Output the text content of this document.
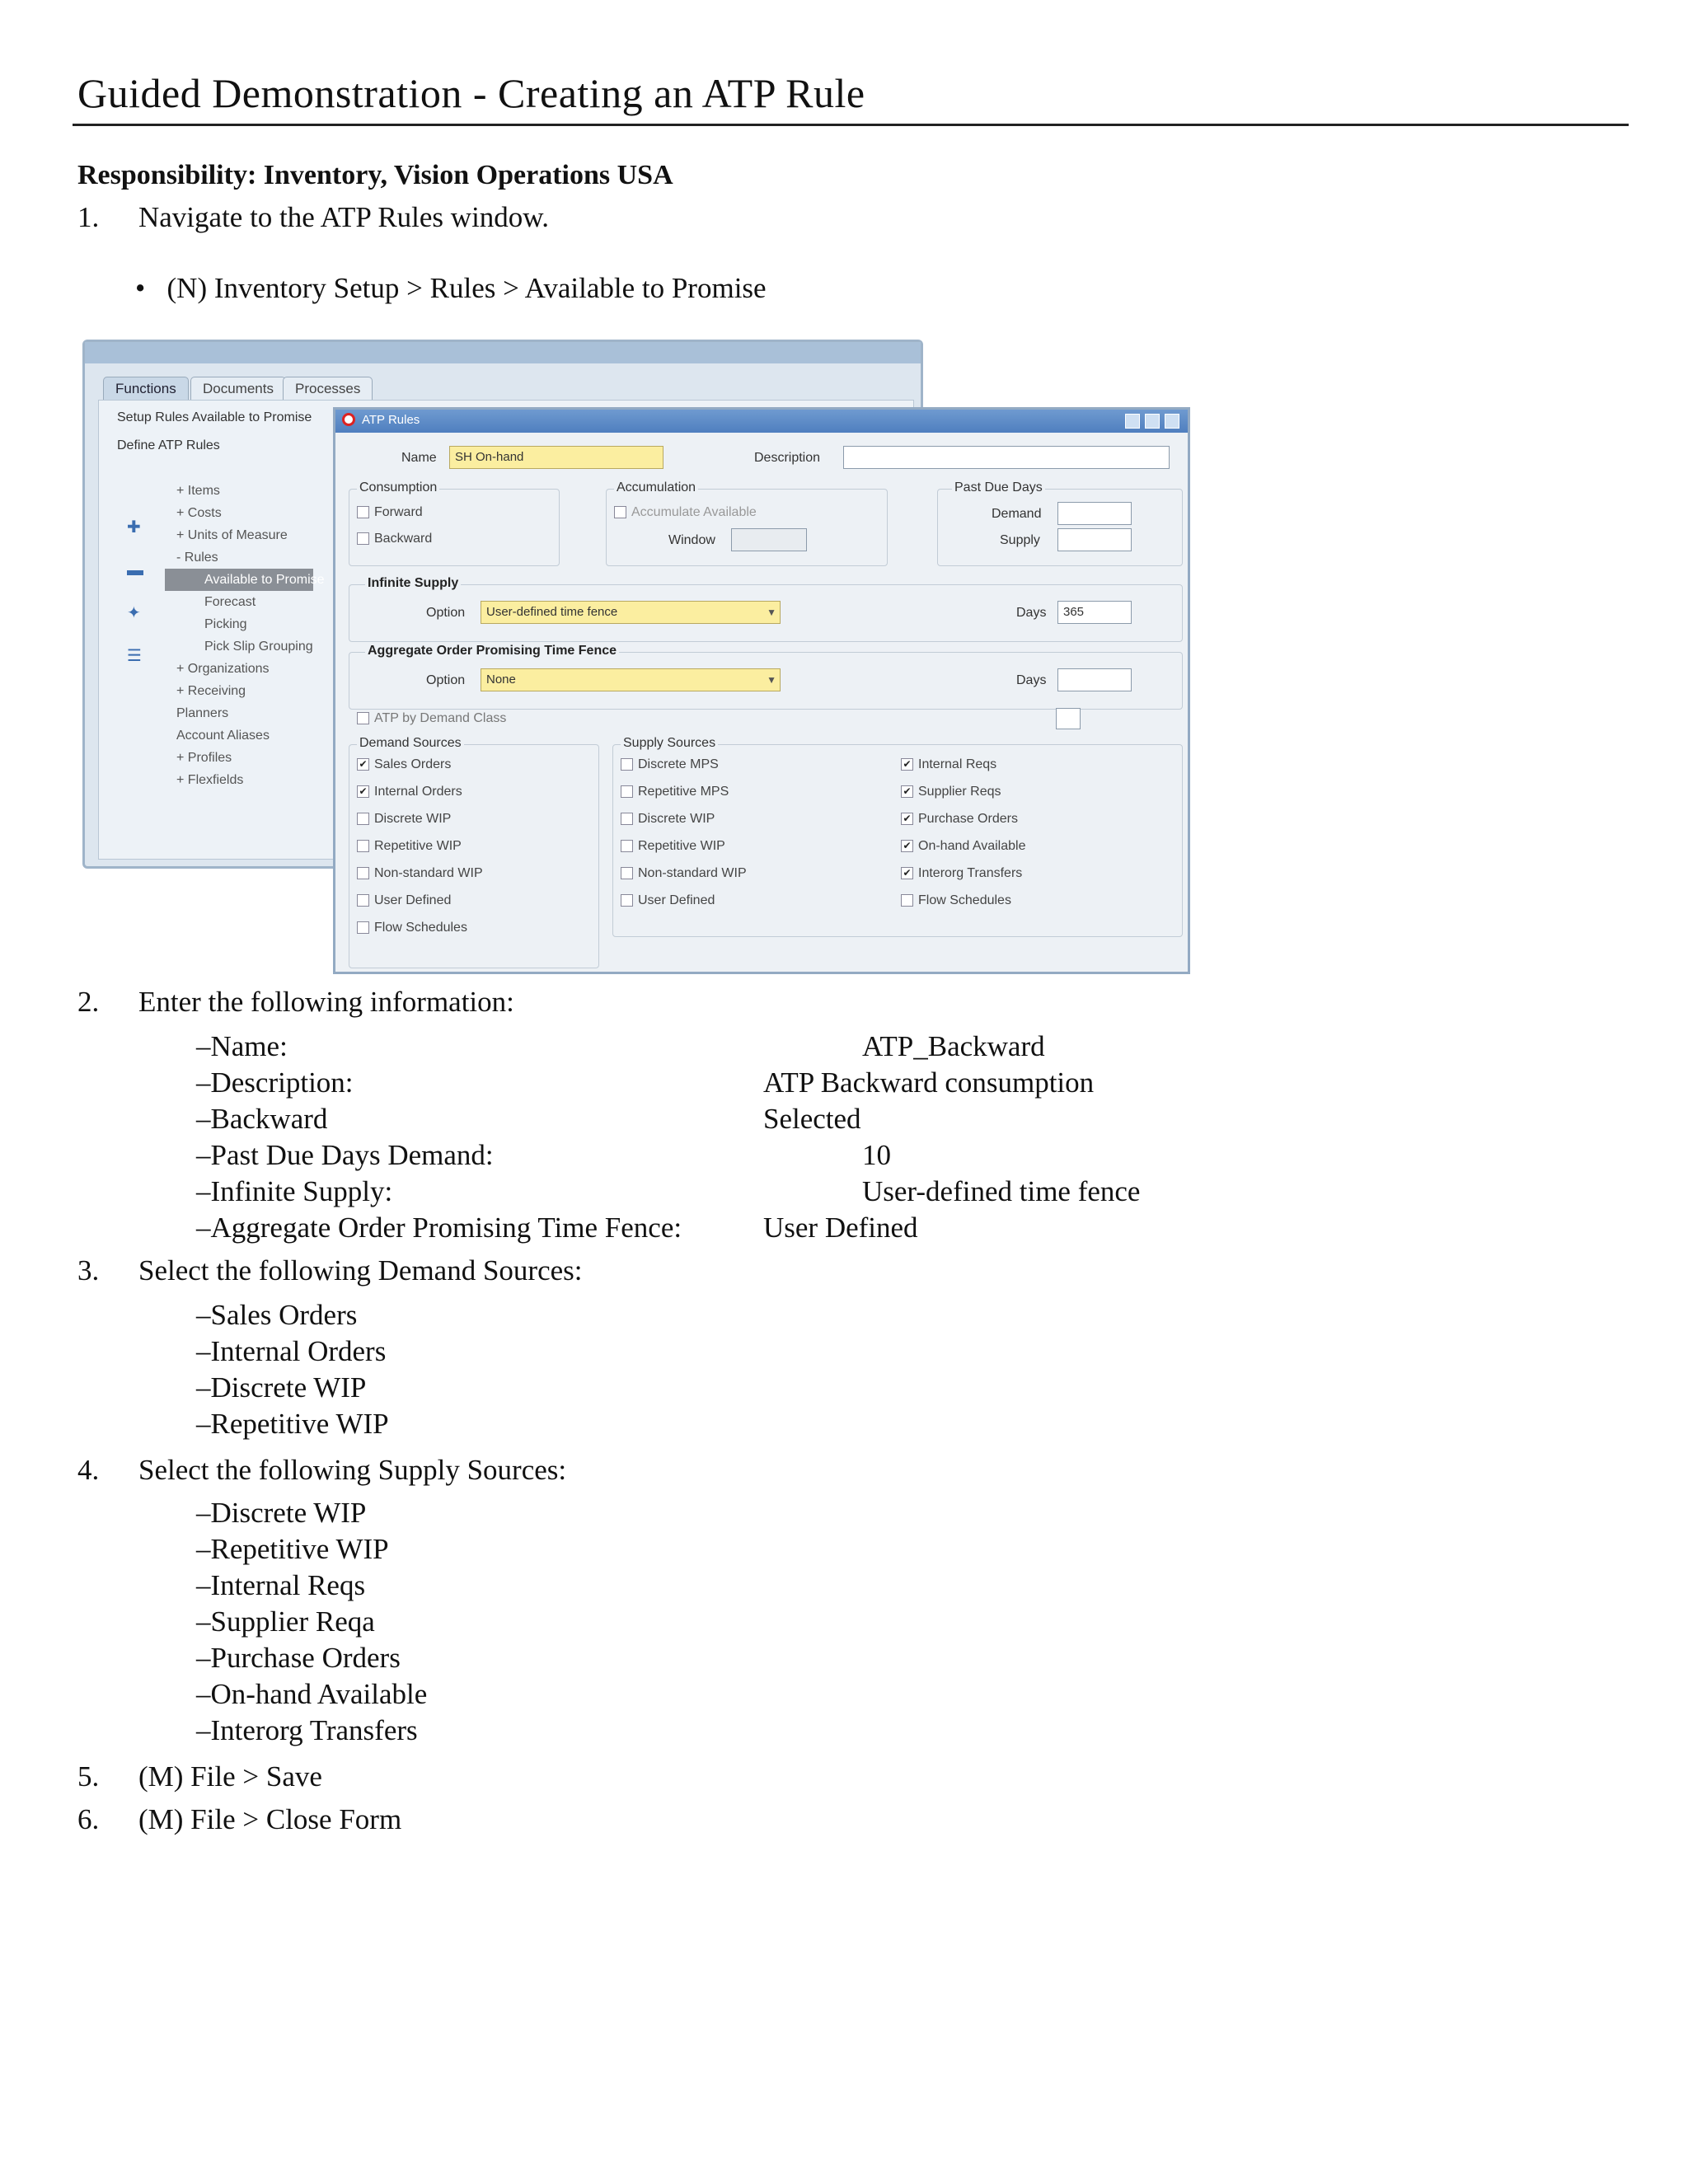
Guided Demonstration - Creating an ATP Rule
Responsibility: Inventory, Vision Operations USA
1. Navigate to the ATP Rules window.
• (N) Inventory Setup > Rules > Available to Promise
Functions	Documents	Processes
Setup Rules Available to Promise
Define ATP Rules
✚
▬
✦
☰
+ Items
+ Costs
+ Units of Measure
- Rules
Available to Promise
Forecast
Picking
Pick Slip Grouping
+ Organizations
+ Receiving
Planners
Account Aliases
+ Profiles
+ Flexfields
ATP Rules
Name	SH On-hand	Description
Consumption
Forward
Backward
Accumulation
Accumulate Available
Window
Past Due Days
Demand
Supply
Infinite Supply
Option	User-defined time fence	▼	Days	365
Aggregate Order Promising Time Fence
Option	None	▼	Days
ATP by Demand Class
Demand Sources
✔ Sales Orders
✔ Internal Orders
Discrete WIP
Repetitive WIP
Non-standard WIP
User Defined
Flow Schedules
Supply Sources
Discrete MPS
Repetitive MPS
Discrete WIP
Repetitive WIP
Non-standard WIP
User Defined
✔ Internal Reqs
✔ Supplier Reqs
✔ Purchase Orders
✔ On-hand Available
✔ Interorg Transfers
Flow Schedules
2. Enter the following information:
–Name:	ATP_Backward
–Description:	ATP Backward consumption
–Backward	Selected
–Past Due Days Demand:	10
–Infinite Supply:	User-defined time fence
–Aggregate Order Promising Time Fence:	User Defined
3. Select the following Demand Sources:
–Sales Orders
–Internal Orders
–Discrete WIP
–Repetitive WIP
4. Select the following Supply Sources:
–Discrete WIP
–Repetitive WIP
–Internal Reqs
–Supplier Reqa
–Purchase Orders
–On-hand Available
–Interorg Transfers
5. (M) File > Save
6. (M) File > Close Form
